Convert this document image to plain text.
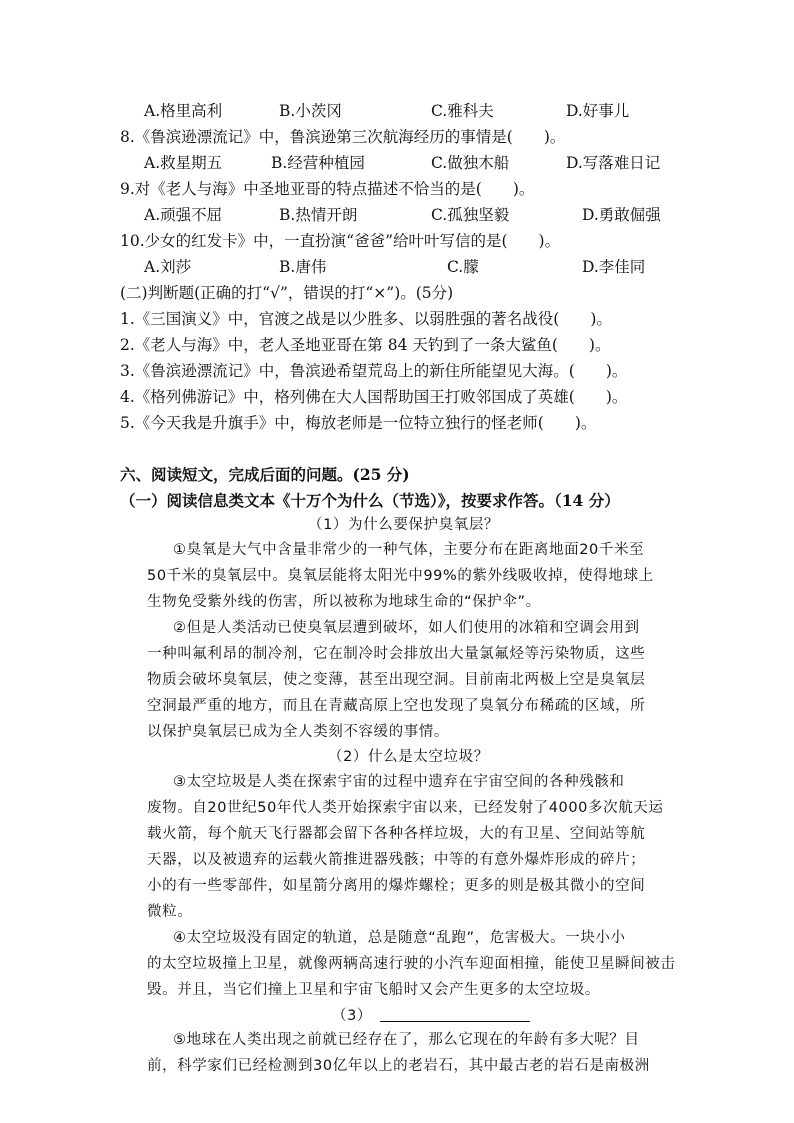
A.格里高利	B.小茨冈	C.雅科夫	D.好事儿
8.《鲁滨逊漂流记》中，鲁滨逊第三次航海经历的事情是(　　)。
A.救星期五	B.经营种植园	C.做独木船	D.写落难日记
9.对《老人与海》中圣地亚哥的特点描述不恰当的是(　　)。
A.顽强不屈	B.热情开朗	C.孤独坚毅	D.勇敢倔强
10.少女的红发卡》中，一直扮演“爸爸”给叶叶写信的是(　　)。
A.刘莎	B.唐伟	C.朦	D.李佳同
(二)判断题(正确的打“√”，错误的打“×”)。(5分)
1.《三国演义》中，官渡之战是以少胜多、以弱胜强的著名战役(　　)。
2.《老人与海》中，老人圣地亚哥在第 84 天钓到了一条大鲨鱼(　　)。
3.《鲁滨逊漂流记》中，鲁滨逊希望荒岛上的新住所能望见大海。(　　)。
4.《格列佛游记》中，格列佛在大人国帮助国王打败邻国成了英雄(　　)。
5.《今天我是升旗手》中，梅放老师是一位特立独行的怪老师(　　)。
六、阅读短文，完成后面的问题。(25 分)
（一）阅读信息类文本《十万个为什么（节选）》，按要求作答。（14 分）
（1）为什么要保护臭氧层？
①臭氧是大气中含量非常少的一种气体，主要分布在距离地面20千米至
50千米的臭氧层中。臭氧层能将太阳光中99%的紫外线吸收掉，使得地球上
生物免受紫外线的伤害，所以被称为地球生命的“保护伞”。
②但是人类活动已使臭氧层遭到破坏，如人们使用的冰箱和空调会用到
一种叫氟利昂的制冷剂，它在制冷时会排放出大量氯氟烃等污染物质，这些
物质会破坏臭氧层，使之变薄，甚至出现空洞。目前南北两极上空是臭氧层
空洞最严重的地方，而且在青藏高原上空也发现了臭氧分布稀疏的区域，所
以保护臭氧层已成为全人类刻不容缓的事情。
（2）什么是太空垃圾？
③太空垃圾是人类在探索宇宙的过程中遗弃在宇宙空间的各种残骸和
废物。自20世纪50年代人类开始探索宇宙以来，已经发射了4000多次航天运
载火箭，每个航天飞行器都会留下各种各样垃圾，大的有卫星、空间站等航
天器，以及被遗弃的运载火箭推进器残骸；中等的有意外爆炸形成的碎片；
小的有一些零部件，如星箭分离用的爆炸螺栓；更多的则是极其微小的空间
微粒。
④太空垃圾没有固定的轨道，总是随意“乱跑”，危害极大。一块小小
的太空垃圾撞上卫星，就像两辆高速行驶的小汽车迎面相撞，能使卫星瞬间被击
毁。并且，当它们撞上卫星和宇宙飞船时又会产生更多的太空垃圾。
（3）
⑤地球在人类出现之前就已经存在了，那么它现在的年龄有多大呢？目
前，科学家们已经检测到30亿年以上的老岩石，其中最古老的岩石是南极洲
